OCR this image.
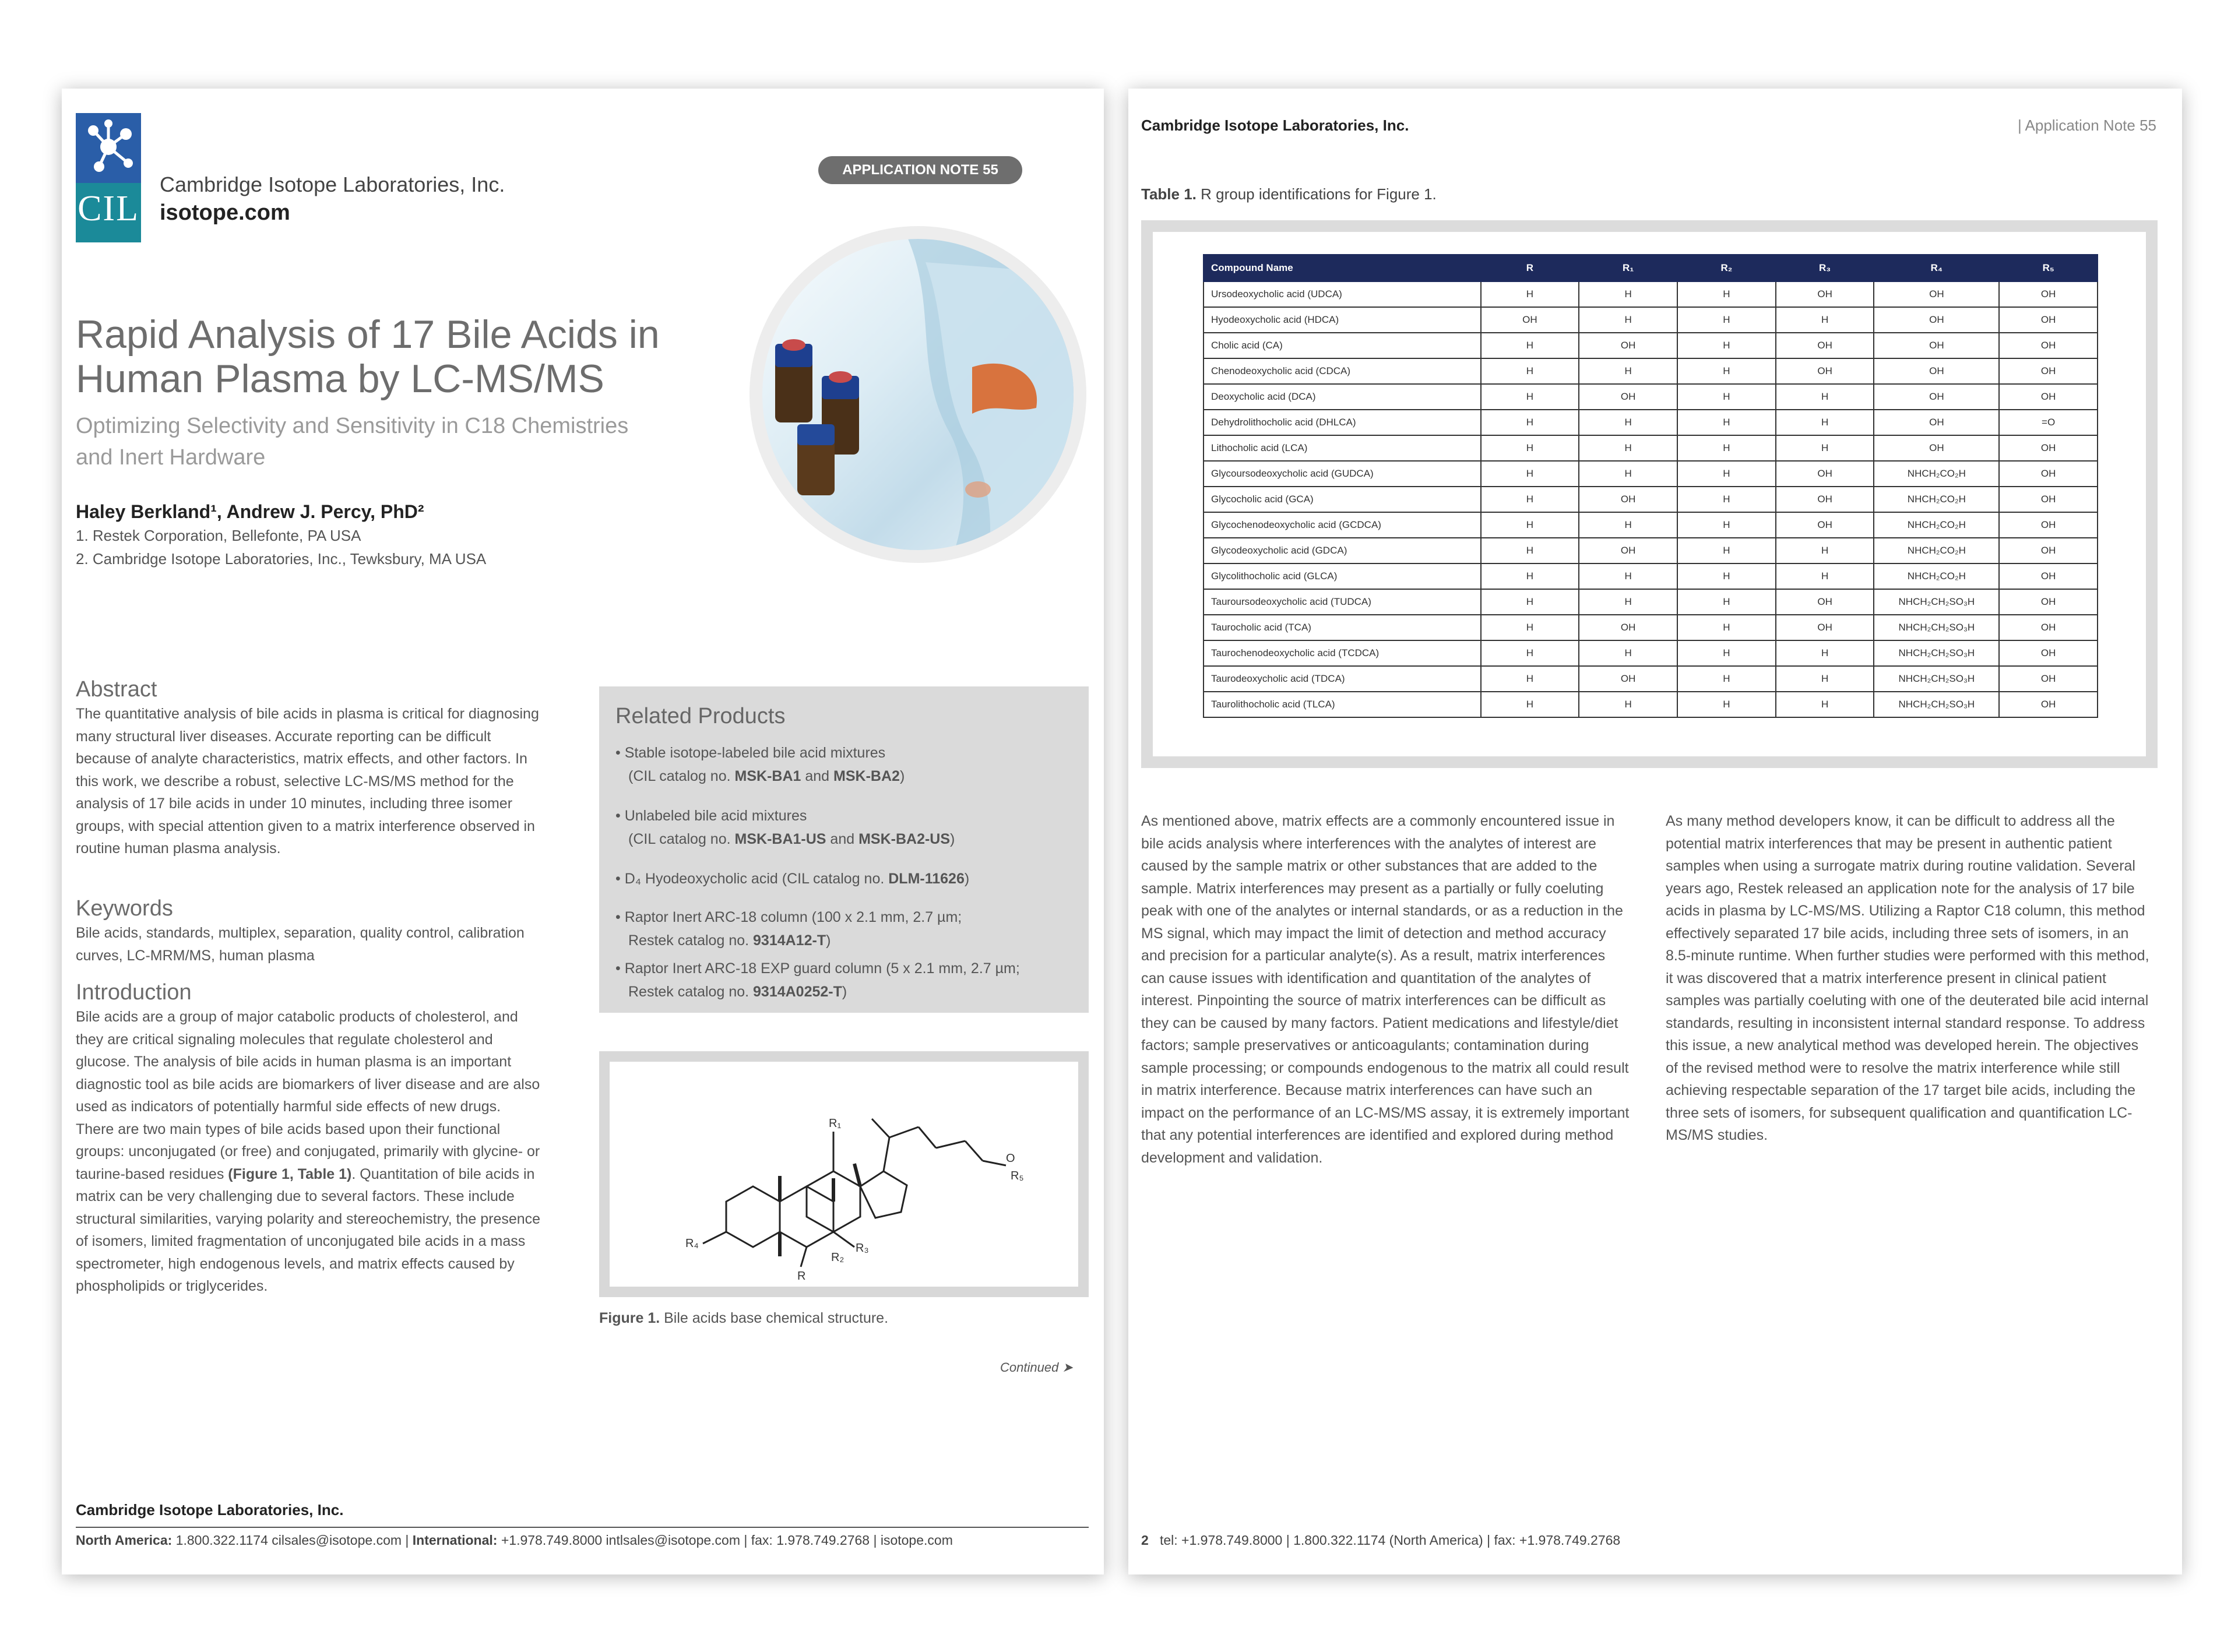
CIL
Cambridge Isotope Laboratories, Inc.
isotope.com
APPLICATION NOTE 55
Rapid Analysis of 17 Bile Acids in
Human Plasma by LC-MS/MS
Optimizing Selectivity and Sensitivity in C18 Chemistries
and Inert Hardware
Haley Berkland¹, Andrew J. Percy, PhD²
1. Restek Corporation, Bellefonte, PA USA
2. Cambridge Isotope Laboratories, Inc., Tewksbury, MA USA
Abstract
The quantitative analysis of bile acids in plasma is critical for diagnosing many structural liver diseases. Accurate reporting can be difficult because of analyte characteristics, matrix effects, and other factors. In this work, we describe a robust, selective LC-MS/MS method for the analysis of 17 bile acids in under 10 minutes, including three isomer groups, with special attention given to a matrix interference observed in routine human plasma analysis.
Keywords
Bile acids, standards, multiplex, separation, quality control, calibration curves, LC-MRM/MS, human plasma
Introduction
Bile acids are a group of major catabolic products of cholesterol, and they are critical signaling molecules that regulate cholesterol and glucose. The analysis of bile acids in human plasma is an important diagnostic tool as bile acids are biomarkers of liver disease and are also used as indicators of potentially harmful side effects of new drugs. There are two main types of bile acids based upon their functional groups: unconjugated (or free) and conjugated, primarily with glycine- or taurine-based residues (Figure 1, Table 1). Quantitation of bile acids in matrix can be very challenging due to several factors. These include structural similarities, varying polarity and stereochemistry, the presence of isomers, limited fragmentation of unconjugated bile acids in a mass spectrometer, high endogenous levels, and matrix effects caused by phospholipids or triglycerides.
Related Products
• Stable isotope-labeled bile acid mixtures
(CIL catalog no. MSK-BA1 and MSK-BA2)
• Unlabeled bile acid mixtures
(CIL catalog no. MSK-BA1-US and MSK-BA2-US)
• D₄ Hyodeoxycholic acid (CIL catalog no. DLM-11626)
• Raptor Inert ARC-18 column (100 x 2.1 mm, 2.7 µm;
Restek catalog no. 9314A12-T)
• Raptor Inert ARC-18 EXP guard column (5 x 2.1 mm, 2.7 µm;
Restek catalog no. 9314A0252-T)
R₁
O
R₅
R₄	R₃
R₂
R
Figure 1. Bile acids base chemical structure.
Continued ➤
Cambridge Isotope Laboratories, Inc.
North America: 1.800.322.1174 cilsales@isotope.com | International: +1.978.749.8000 intlsales@isotope.com | fax: 1.978.749.2768 | isotope.com
Cambridge Isotope Laboratories, Inc.	| Application Note 55
Table 1. R group identifications for Figure 1.
Compound Name	R	R₁	R₂	R₃	R₄	R₅
Ursodeoxycholic acid (UDCA)	H	H	H	OH	OH	OH
Hyodeoxycholic acid (HDCA)	OH	H	H	H	OH	OH
Cholic acid (CA)	H	OH	H	OH	OH	OH
Chenodeoxycholic acid (CDCA)	H	H	H	OH	OH	OH
Deoxycholic acid (DCA)	H	OH	H	H	OH	OH
Dehydrolithocholic acid (DHLCA)	H	H	H	H	OH	=O
Lithocholic acid (LCA)	H	H	H	H	OH	OH
Glycoursodeoxycholic acid (GUDCA)	H	H	H	OH	NHCH₂CO₂H	OH
Glycocholic acid (GCA)	H	OH	H	OH	NHCH₂CO₂H	OH
Glycochenodeoxycholic acid (GCDCA)	H	H	H	OH	NHCH₂CO₂H	OH
Glycodeoxycholic acid (GDCA)	H	OH	H	H	NHCH₂CO₂H	OH
Glycolithocholic acid (GLCA)	H	H	H	H	NHCH₂CO₂H	OH
Tauroursodeoxycholic acid (TUDCA)	H	H	H	OH	NHCH₂CH₂SO₃H	OH
Taurocholic acid (TCA)	H	OH	H	OH	NHCH₂CH₂SO₃H	OH
Taurochenodeoxycholic acid (TCDCA)	H	H	H	H	NHCH₂CH₂SO₃H	OH
Taurodeoxycholic acid (TDCA)	H	OH	H	H	NHCH₂CH₂SO₃H	OH
Taurolithocholic acid (TLCA)	H	H	H	H	NHCH₂CH₂SO₃H	OH
As mentioned above, matrix effects are a commonly encountered issue in bile acids analysis where interferences with the analytes of interest are caused by the sample matrix or other substances that are added to the sample. Matrix interferences may present as a partially or fully coeluting peak with one of the analytes or internal standards, or as a reduction in the MS signal, which may impact the limit of detection and method accuracy and precision for a particular analyte(s). As a result, matrix interferences can cause issues with identification and quantitation of the analytes of interest. Pinpointing the source of matrix interferences can be difficult as they can be caused by many factors. Patient medications and lifestyle/diet factors; sample preservatives or anticoagulants; contamination during sample processing; or compounds endogenous to the matrix all could result in matrix interference. Because matrix interferences can have such an impact on the performance of an LC-MS/MS assay, it is extremely important that any potential interferences are identified and explored during method development and validation.
As many method developers know, it can be difficult to address all the potential matrix interferences that may be present in authentic patient samples when using a surrogate matrix during routine validation. Several years ago, Restek released an application note for the analysis of 17 bile acids in plasma by LC-MS/MS. Utilizing a Raptor C18 column, this method effectively separated 17 bile acids, including three sets of isomers, in an 8.5-minute runtime. When further studies were performed with this method, it was discovered that a matrix interference present in clinical patient samples was partially coeluting with one of the deuterated bile acid internal standards, resulting in inconsistent internal standard response. To address this issue, a new analytical method was developed herein. The objectives of the revised method were to resolve the matrix interference while still achieving respectable separation of the 17 target bile acids, including the three sets of isomers, for subsequent qualification and quantification LC-MS/MS studies.
2 tel: +1.978.749.8000 | 1.800.322.1174 (North America) | fax: +1.978.749.2768
